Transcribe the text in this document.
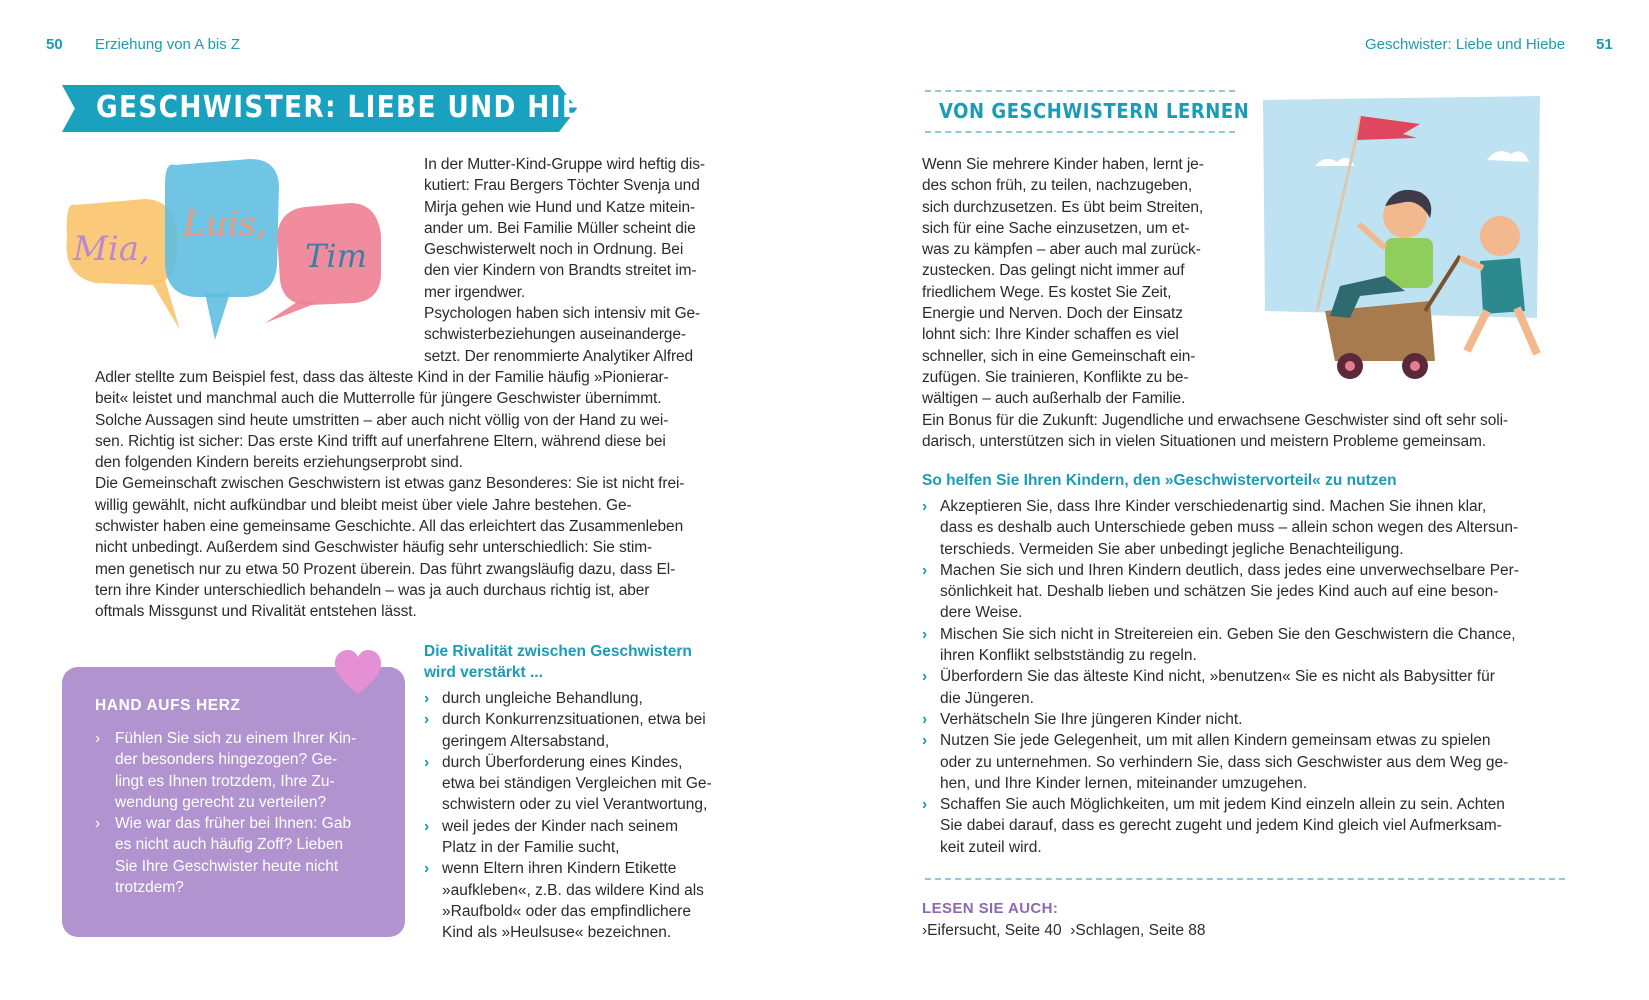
50 Erziehung von A bis Z
GESCHWISTER: LIEBE UND HIEBE
Mia,
Luis,
Tim

In der Mutter-Kind-Gruppe wird heftig dis-

kutiert: Frau Bergers Töchter Svenja und

Mirja gehen wie Hund und Katze mitein-

ander um. Bei Familie Müller scheint die

Geschwisterwelt noch in Ordnung. Bei

den vier Kindern von Brandts streitet im-

mer irgendwer.

Psychologen haben sich intensiv mit Ge-

schwisterbeziehungen auseinanderge-

setzt. Der renommierte Analytiker Alfred

Adler stellte zum Beispiel fest, dass das älteste Kind in der Familie häufig »Pionierar-

beit« leistet und manchmal auch die Mutterrolle für jüngere Geschwister übernimmt.

Solche Aussagen sind heute umstritten – aber auch nicht völlig von der Hand zu wei-

sen. Richtig ist sicher: Das erste Kind trifft auf unerfahrene Eltern, während diese bei

den folgenden Kindern bereits erziehungserprobt sind.

Die Gemeinschaft zwischen Geschwistern ist etwas ganz Besonderes: Sie ist nicht frei-

willig gewählt, nicht aufkündbar und bleibt meist über viele Jahre bestehen. Ge-

schwister haben eine gemeinsame Geschichte. All das erleichtert das Zusammenleben

nicht unbedingt. Außerdem sind Geschwister häufig sehr unterschiedlich: Sie stim-

men genetisch nur zu etwa 50 Prozent überein. Das führt zwangsläufig dazu, dass El-

tern ihre Kinder unterschiedlich behandeln – was ja auch durchaus richtig ist, aber

oftmals Missgunst und Rivalität entstehen lässt.

HAND AUFS HERZ
› Fühlen Sie sich zu einem Ihrer Kin-
der besonders hingezogen? Ge-
lingt es Ihnen trotzdem, Ihre Zu-
wendung gerecht zu verteilen?
› Wie war das früher bei Ihnen: Gab
es nicht auch häufig Zoff? Lieben
Sie Ihre Geschwister heute nicht
trotzdem?
Die Rivalität zwischen Geschwistern
wird verstärkt ...
› durch ungleiche Behandlung,
› durch Konkurrenzsituationen, etwa bei
geringem Altersabstand,
› durch Überforderung eines Kindes,
etwa bei ständigen Vergleichen mit Ge-
schwistern oder zu viel Verantwortung,
› weil jedes der Kinder nach seinem
Platz in der Familie sucht,
› wenn Eltern ihren Kindern Etikette
»aufkleben«, z.B. das wildere Kind als
»Raufbold« oder das empfindlichere
Kind als »Heulsuse« bezeichnen.
Geschwister: Liebe und Hiebe 51
VON GESCHWISTERN LERNEN

Wenn Sie mehrere Kinder haben, lernt je-

des schon früh, zu teilen, nachzugeben,

sich durchzusetzen. Es übt beim Streiten,

sich für eine Sache einzusetzen, um et-

was zu kämpfen – aber auch mal zurück-

zustecken. Das gelingt nicht immer auf

friedlichem Wege. Es kostet Sie Zeit,

Energie und Nerven. Doch der Einsatz

lohnt sich: Ihre Kinder schaffen es viel

schneller, sich in eine Gemeinschaft ein-

zufügen. Sie trainieren, Konflikte zu be-

wältigen – auch außerhalb der Familie.

Ein Bonus für die Zukunft: Jugendliche und erwachsene Geschwister sind oft sehr soli-

darisch, unterstützen sich in vielen Situationen und meistern Probleme gemeinsam.

So helfen Sie Ihren Kindern, den »Geschwistervorteil« zu nutzen
› Akzeptieren Sie, dass Ihre Kinder verschiedenartig sind. Machen Sie ihnen klar,
dass es deshalb auch Unterschiede geben muss – allein schon wegen des Altersun-
terschieds. Vermeiden Sie aber unbedingt jegliche Benachteiligung.
› Machen Sie sich und Ihren Kindern deutlich, dass jedes eine unverwechselbare Per-
sönlichkeit hat. Deshalb lieben und schätzen Sie jedes Kind auch auf eine beson-
dere Weise.
› Mischen Sie sich nicht in Streitereien ein. Geben Sie den Geschwistern die Chance,
ihren Konflikt selbstständig zu regeln.
› Überfordern Sie das älteste Kind nicht, »benutzen« Sie es nicht als Babysitter für
die Jüngeren.
› Verhätscheln Sie Ihre jüngeren Kinder nicht.
› Nutzen Sie jede Gelegenheit, um mit allen Kindern gemeinsam etwas zu spielen
oder zu unternehmen. So verhindern Sie, dass sich Geschwister aus dem Weg ge-
hen, und Ihre Kinder lernen, miteinander umzugehen.
› Schaffen Sie auch Möglichkeiten, um mit jedem Kind einzeln allein zu sein. Achten
Sie dabei darauf, dass es gerecht zugeht und jedem Kind gleich viel Aufmerksam-
keit zuteil wird.
LESEN SIE AUCH:
›Eifersucht, Seite 40 ›Schlagen, Seite 88
